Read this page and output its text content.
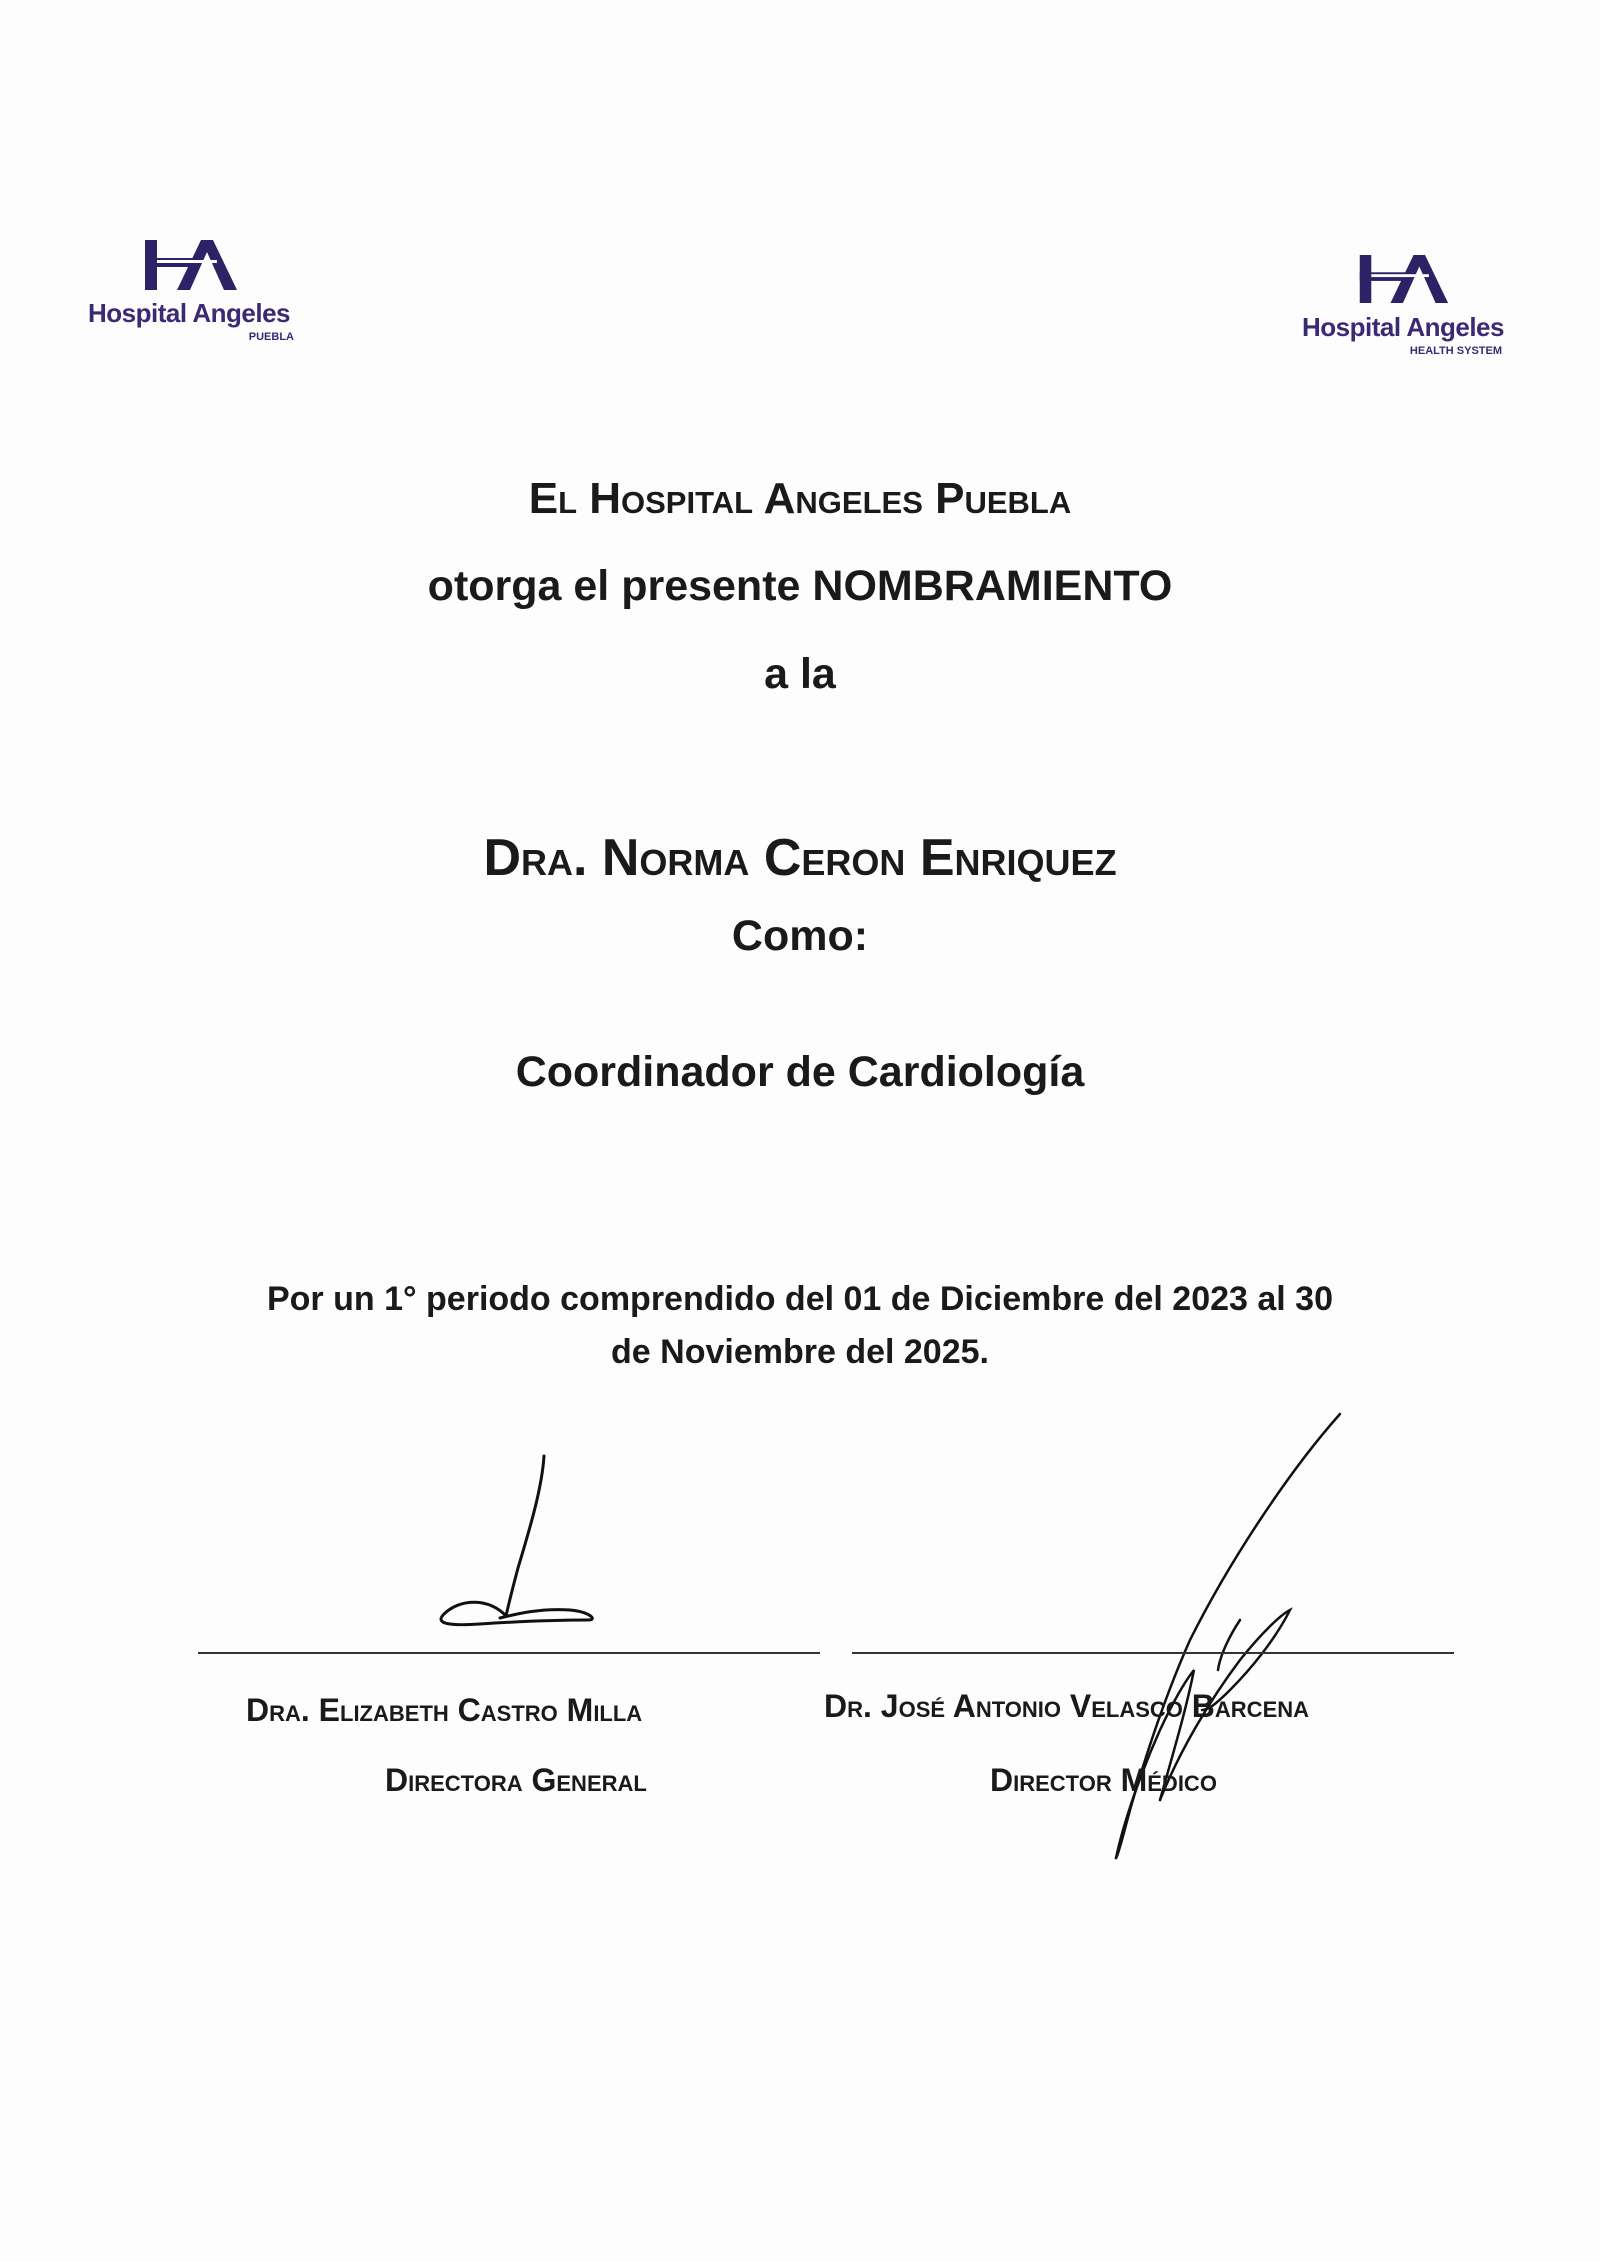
Hospital Angeles
PUEBLA	Hospital Angeles
HEALTH SYSTEM
El Hospital Angeles Puebla
otorga el presente NOMBRAMIENTO
a la
Dra. Norma Ceron Enriquez
Como:
Coordinador de Cardiología
Por un 1° periodo comprendido del 01 de Diciembre del 2023 al 30
de Noviembre del 2025.
Dra. Elizabeth Castro Milla
Directora General
Dr. José Antonio Velasco Barcena
Director Médico
